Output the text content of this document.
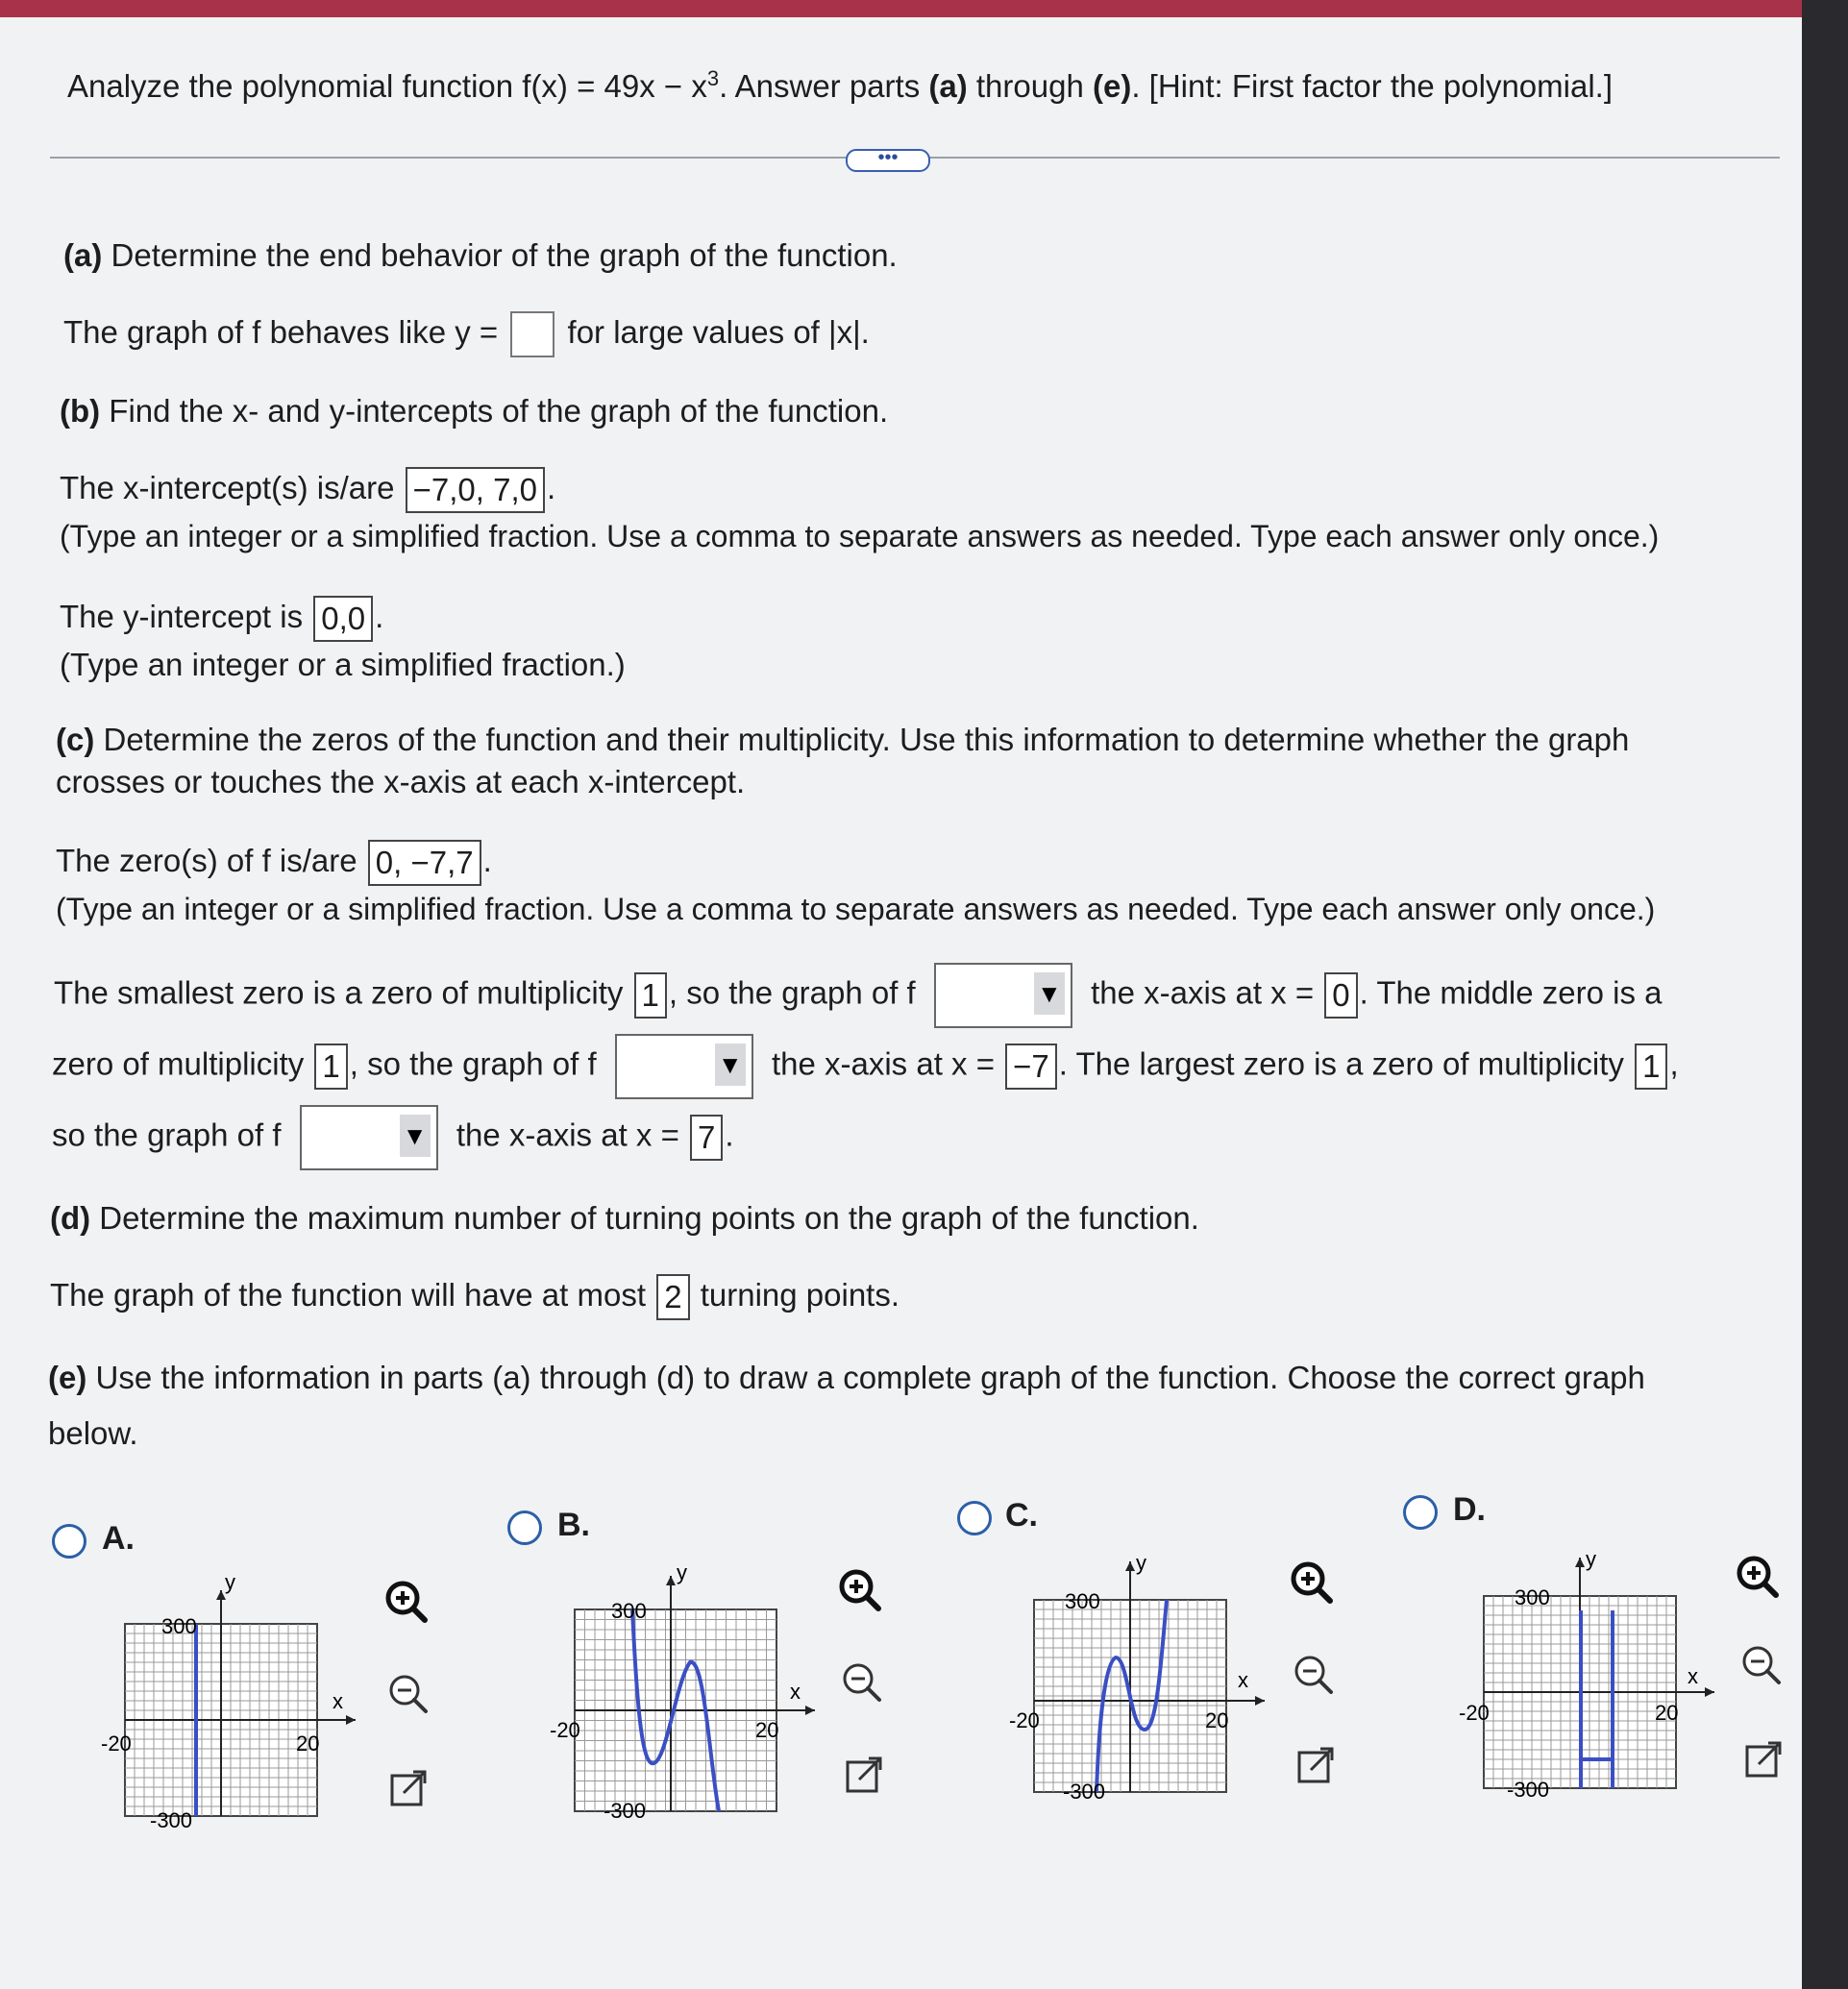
Analyze the polynomial function $f(x) = 49x - x^3$. Answer parts (a) through (e). [Hint: First factor the polynomial.]
•••
(a) Determine the end behavior of the graph of the function.
The graph of f behaves like y = for large values of |x|.
(b) Find the x- and y-intercepts of the graph of the function.
The x-intercept(s) is/are −7,0, 7,0 .
(Type an integer or a simplified fraction. Use a comma to separate answers as needed. Type each answer only once.)
The y-intercept is 0,0 .
(Type an integer or a simplified fraction.)
(c) Determine the zeros of the function and their multiplicity. Use this information to determine whether the graph
crosses or touches the x-axis at each x-intercept.
The zero(s) of f is/are 0, −7,7 .
(Type an integer or a simplified fraction. Use a comma to separate answers as needed. Type each answer only once.)
The smallest zero is a zero of multiplicity 1 , so the graph of f	▼ the x-axis at x = 0 . The middle zero is a
zero of multiplicity 1 , so the graph of f	▼ the x-axis at x = −7 . The largest zero is a zero of multiplicity 1 ,
so the graph of f	▼ the x-axis at x = 7 .
(d) Determine the maximum number of turning points on the graph of the function.
The graph of the function will have at most 2 turning points.
(e) Use the information in parts (a) through (d) to draw a complete graph of the function. Choose the correct graph
below.
A.	B.	C.	D.
y
x
300
-300
-20	20
y
x
300
-300
-20	20
y
x
300
-300
-20	20
y
x
300
-300
-20	20
